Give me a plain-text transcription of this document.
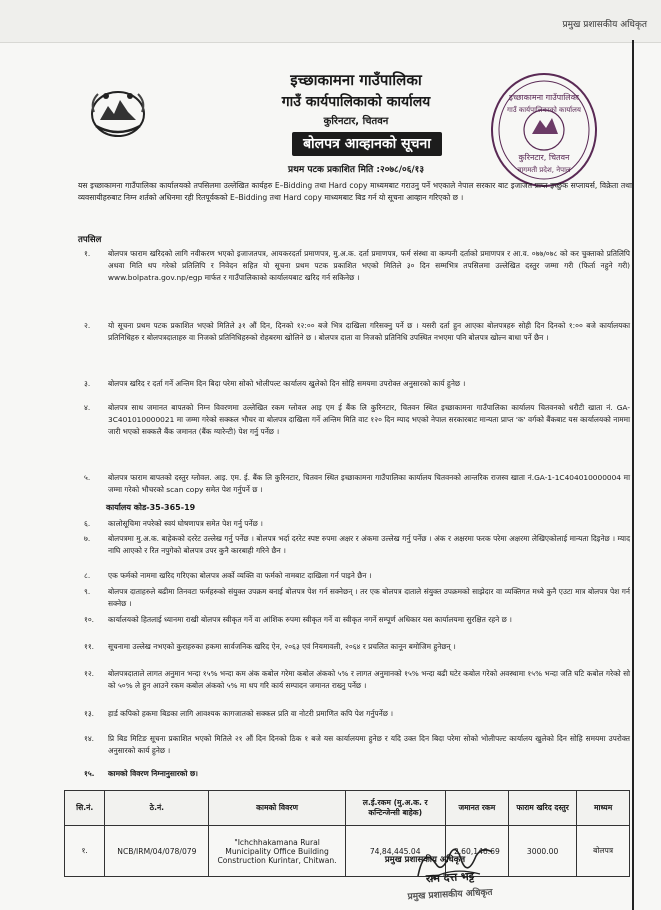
प्रमुख प्रशासकीय अधिकृत
इच्छाकामना गाउँपालिका
गाउँ कार्यपालिकाको कार्यालय
कुरिनटार, चितवन
इच्छाकामना गाउँपालिका
गाउँ कार्यपालिकाको कार्यालय
कुरिनटार, चितवन
बागमती प्रदेश, नेपाल
बोलपत्र आव्हानको सूचना
प्रथम पटक प्रकाशित मिति :२०७८/०६/१३
यस इच्छाकामना गाउँपालिका कार्यालयको तपसिलमा उल्लेखित कार्यहरु E–Bidding तथा Hard copy माध्यमबाट गराउनु पर्ने भएकाले नेपाल सरकार बाट इजाजत प्राप्त इच्छुक सप्लायर्स, विक्रेता तथा व्यवसायीहरुबाट निम्न शर्तको अधिनमा रही रितपूर्वकको E–Bidding तथा Hard copy माध्यमबाट बिड गर्न यो सूचना आव्हान गरिएको छ ।
तपसिल
१.	बोलपत्र फाराम खरिदको लागि नवीकरण भएको इजाजतपत्र, आयकरदर्ता प्रमाणपत्र, मु.अ.क. दर्ता प्रमाणपत्र, फर्म संस्था वा कम्पनी दर्ताको प्रमाणपत्र र आ.व. ०७७/०७८ को कर चुक्ताको प्रतिलिपि अथवा मिति थप गरेको प्रतिलिपि र निवेदन सहित यो सूचना प्रथम पटक प्रकाशित भएको मितिले ३० दिन सम्मभित्र तपसिलमा उल्लेखित दस्तुर जम्मा गरी (फिर्ता नहुने गरी) www.bolpatra.gov.np/egp मार्फत र गाउँपालिकाको कार्यालयबाट खरिद गर्न सकिनेछ ।
२.	यो सूचना प्रथम पटक प्रकाशित भएको मितिले ३१ औं दिन, दिनको १२:०० बजे भित्र दाखिला गरिसक्नु पर्ने छ । यसरी दर्ता हुन आएका बोलपत्रहरु सोही दिन दिनको १:०० बजे कार्यालयका प्रतिनिधिहरु र बोलपत्रदाताहरु वा निजको प्रतिनिधिहरुको रोहबरमा खोलिने छ । बोलपत्र दाता वा निजको प्रतिनिधि उपस्थित नभएमा पनि बोलपत्र खोल्न बाधा पर्ने छैन ।
३.	बोलपत्र खरिद र दर्ता गर्ने अन्तिम दिन बिदा परेमा सोको भोलीपल्ट कार्यालय खुलेको दिन सोहि समयमा उपरोक्त अनुसारको कार्य हुनेछ ।
४.	बोलपत्र साथ जमानत बापतको निम्न विवरणमा उल्लेखित रकम ग्लोवल आइ एम ई बैंक लि कुरिनटार, चितवन स्थित इच्छाकामना गाउँपालिका कार्यालय चितवनको धरौटी खाता नं. GA-3C401010000021 मा जम्मा गरेको सक्कल भौचर वा बोलपत्र दाखिला गर्ने अन्तिम मिति वाट १२० दिन म्याद भएको नेपाल सरकारबाट मान्यता प्राप्त 'क' वर्गको बैंकबाट यस कार्यालयको नाममा जारी भएको सक्कलै बैंक जमानत (बैंक ग्यारेन्टी) पेश गर्नु पर्नेछ ।
५.	बोलपत्र फाराम बापतको दस्तुर ग्लोवल. आइ. एम. ई. बैंक लि कुरिनटार, चितवन स्थित इच्छाकामना गाउँपालिका कार्यालय चितवनको आन्तरिक राजस्व खाता नं.GA-1-1C404010000004 मा जम्मा गरेको भौचरको scan copy समेत पेश गर्नुपर्ने छ ।
कार्यालय कोड-35-365-19
६.	कालोसूचिमा नपरेको स्वयं घोषणापत्र समेत पेश गर्नु पर्नेछ ।
७.	बोलपत्रमा मु.अ.क. बाहेकको दररेट उल्लेख गर्नु पर्नेछ । बोलपत्र भर्दा दररेट स्पष्ट रुपमा अक्षर र अंकमा उल्लेख गर्नु पर्नेछ । अंक र अक्षरमा फरक परेमा अक्षरमा लेखिएकोलाई मान्यता दिइनेछ । म्याद नाघि आएको र रित नपुगेको बोलपत्र उपर कुनै कारबाही गरिने छैन ।
८.	एक फर्मको नाममा खरिद गरिएका बोलपत्र अर्को व्यक्ति वा फर्मको नामबाट दाखिला गर्न पाइने छैन ।
९.	बोलपत्र दाताहरुले बढीमा तिनवटा फर्महरुको संयुक्त उपक्रम बनाई बोलपत्र पेश गर्न सक्नेछन् । तर एक बोलपत्र दाताले संयुक्त उपक्रमको साझेदार वा व्यक्तिगत मध्ये कुनै एउटा मात्र बोलपत्र पेश गर्न सक्नेछ ।
१०.	कार्यालयको हितलाई ध्यानमा राखी बोलपत्र स्वीकृत गर्ने वा आंशिक रुपमा स्वीकृत गर्ने वा स्वीकृत नगर्ने सम्पूर्ण अधिकार यस कार्यालयमा सुरक्षित रहने छ ।
११.	सूचनामा उल्लेख नभएको कुराहरुका हकमा सार्वजनिक खरिद ऐन, २०६३ एवं नियमावली, २०६४ र प्रचलित कानून बमोजिम हुनेछन् ।
१२.	बोलपत्रदाताले लागत अनुमान भन्दा १५% भन्दा कम अंक कबोल गरेमा कबोल अंकको ५% र लागत अनुमानको १५% भन्दा बढी घटेर कबोल गरेको अवस्थामा १५% भन्दा जति घटि कबोल गरेको सो को ५०% ले हुन आउने रकम कबोल अंकको ५% मा थप गरि कार्य सम्पादन जमानत राख्नु पर्नेछ ।
१३.	हार्ड कपिको हकमा बिडका लागि आवश्यक कागजातको सक्कल प्रति वा नोटरी प्रमाणित कपि पेश गर्नुपर्नेछ ।
१४.	प्रि बिड मिटिङ सूचना प्रकाशित भएको मितिले २१ औं दिन दिनको ठिक १ बजे यस कार्यालयमा हुनेछ र यदि उक्त दिन बिदा परेमा सोको भोलीपल्ट कार्यालय खुलेको दिन सोहि समयमा उपरोक्त अनुसारको कार्य हुनेछ ।
१५.	कामको विवरण निम्नानुसारको छ।
सि.नं.	ठे.नं.	कामको विवरण	ल.ई.रकम (मु.अ.क. र कन्टिन्जेन्सी बाहेक)	जमानत रकम	फाराम खरिद दस्तुर	माध्यम
१.	NCB/IRM/04/078/079	"Ichchhakamana Rural Municipality Office Building Construction Kurintar, Chitwan.	74,84,445.04	2,60,146.69	3000.00	बोलपत्र
प्रमुख प्रशासकीय अधिकृत
राम दत्त भट्ट
प्रमुख प्रशासकीय अधिकृत
